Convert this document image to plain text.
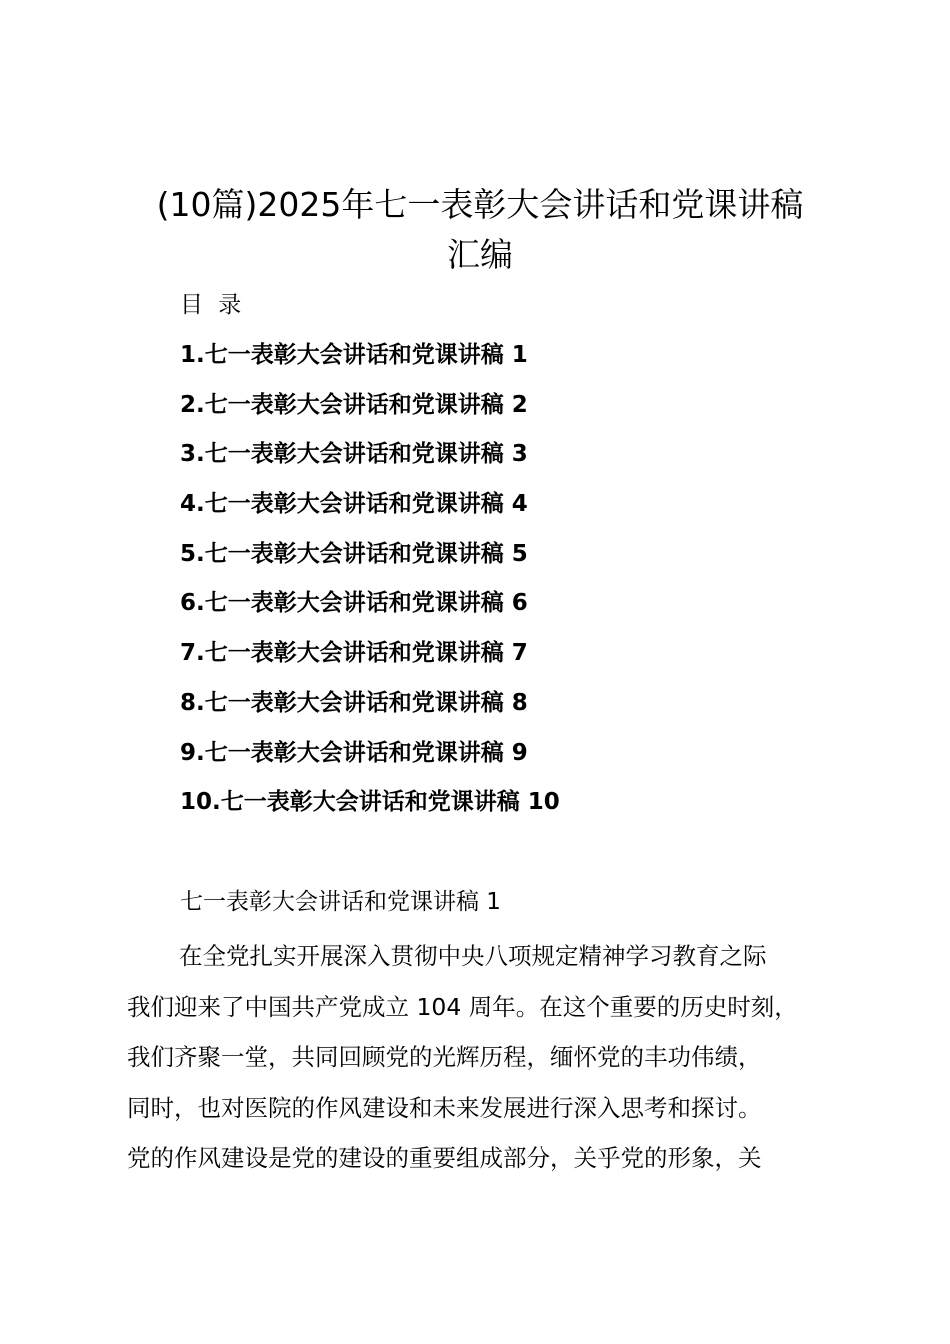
(10篇)2025年七一表彰大会讲话和党课讲稿
汇编
目 录
1.七一表彰大会讲话和党课讲稿 1
2.七一表彰大会讲话和党课讲稿 2
3.七一表彰大会讲话和党课讲稿 3
4.七一表彰大会讲话和党课讲稿 4
5.七一表彰大会讲话和党课讲稿 5
6.七一表彰大会讲话和党课讲稿 6
7.七一表彰大会讲话和党课讲稿 7
8.七一表彰大会讲话和党课讲稿 8
9.七一表彰大会讲话和党课讲稿 9
10.七一表彰大会讲话和党课讲稿 10
七一表彰大会讲话和党课讲稿 1

在全党扎实开展深入贯彻中央八项规定精神学习教育之际
我们迎来了中国共产党成立 104 周年。在这个重要的历史时刻，
我们齐聚一堂，共同回顾党的光辉历程，缅怀党的丰功伟绩，
同时，也对医院的作风建设和未来发展进行深入思考和探讨。
党的作风建设是党的建设的重要组成部分，关乎党的形象，关
